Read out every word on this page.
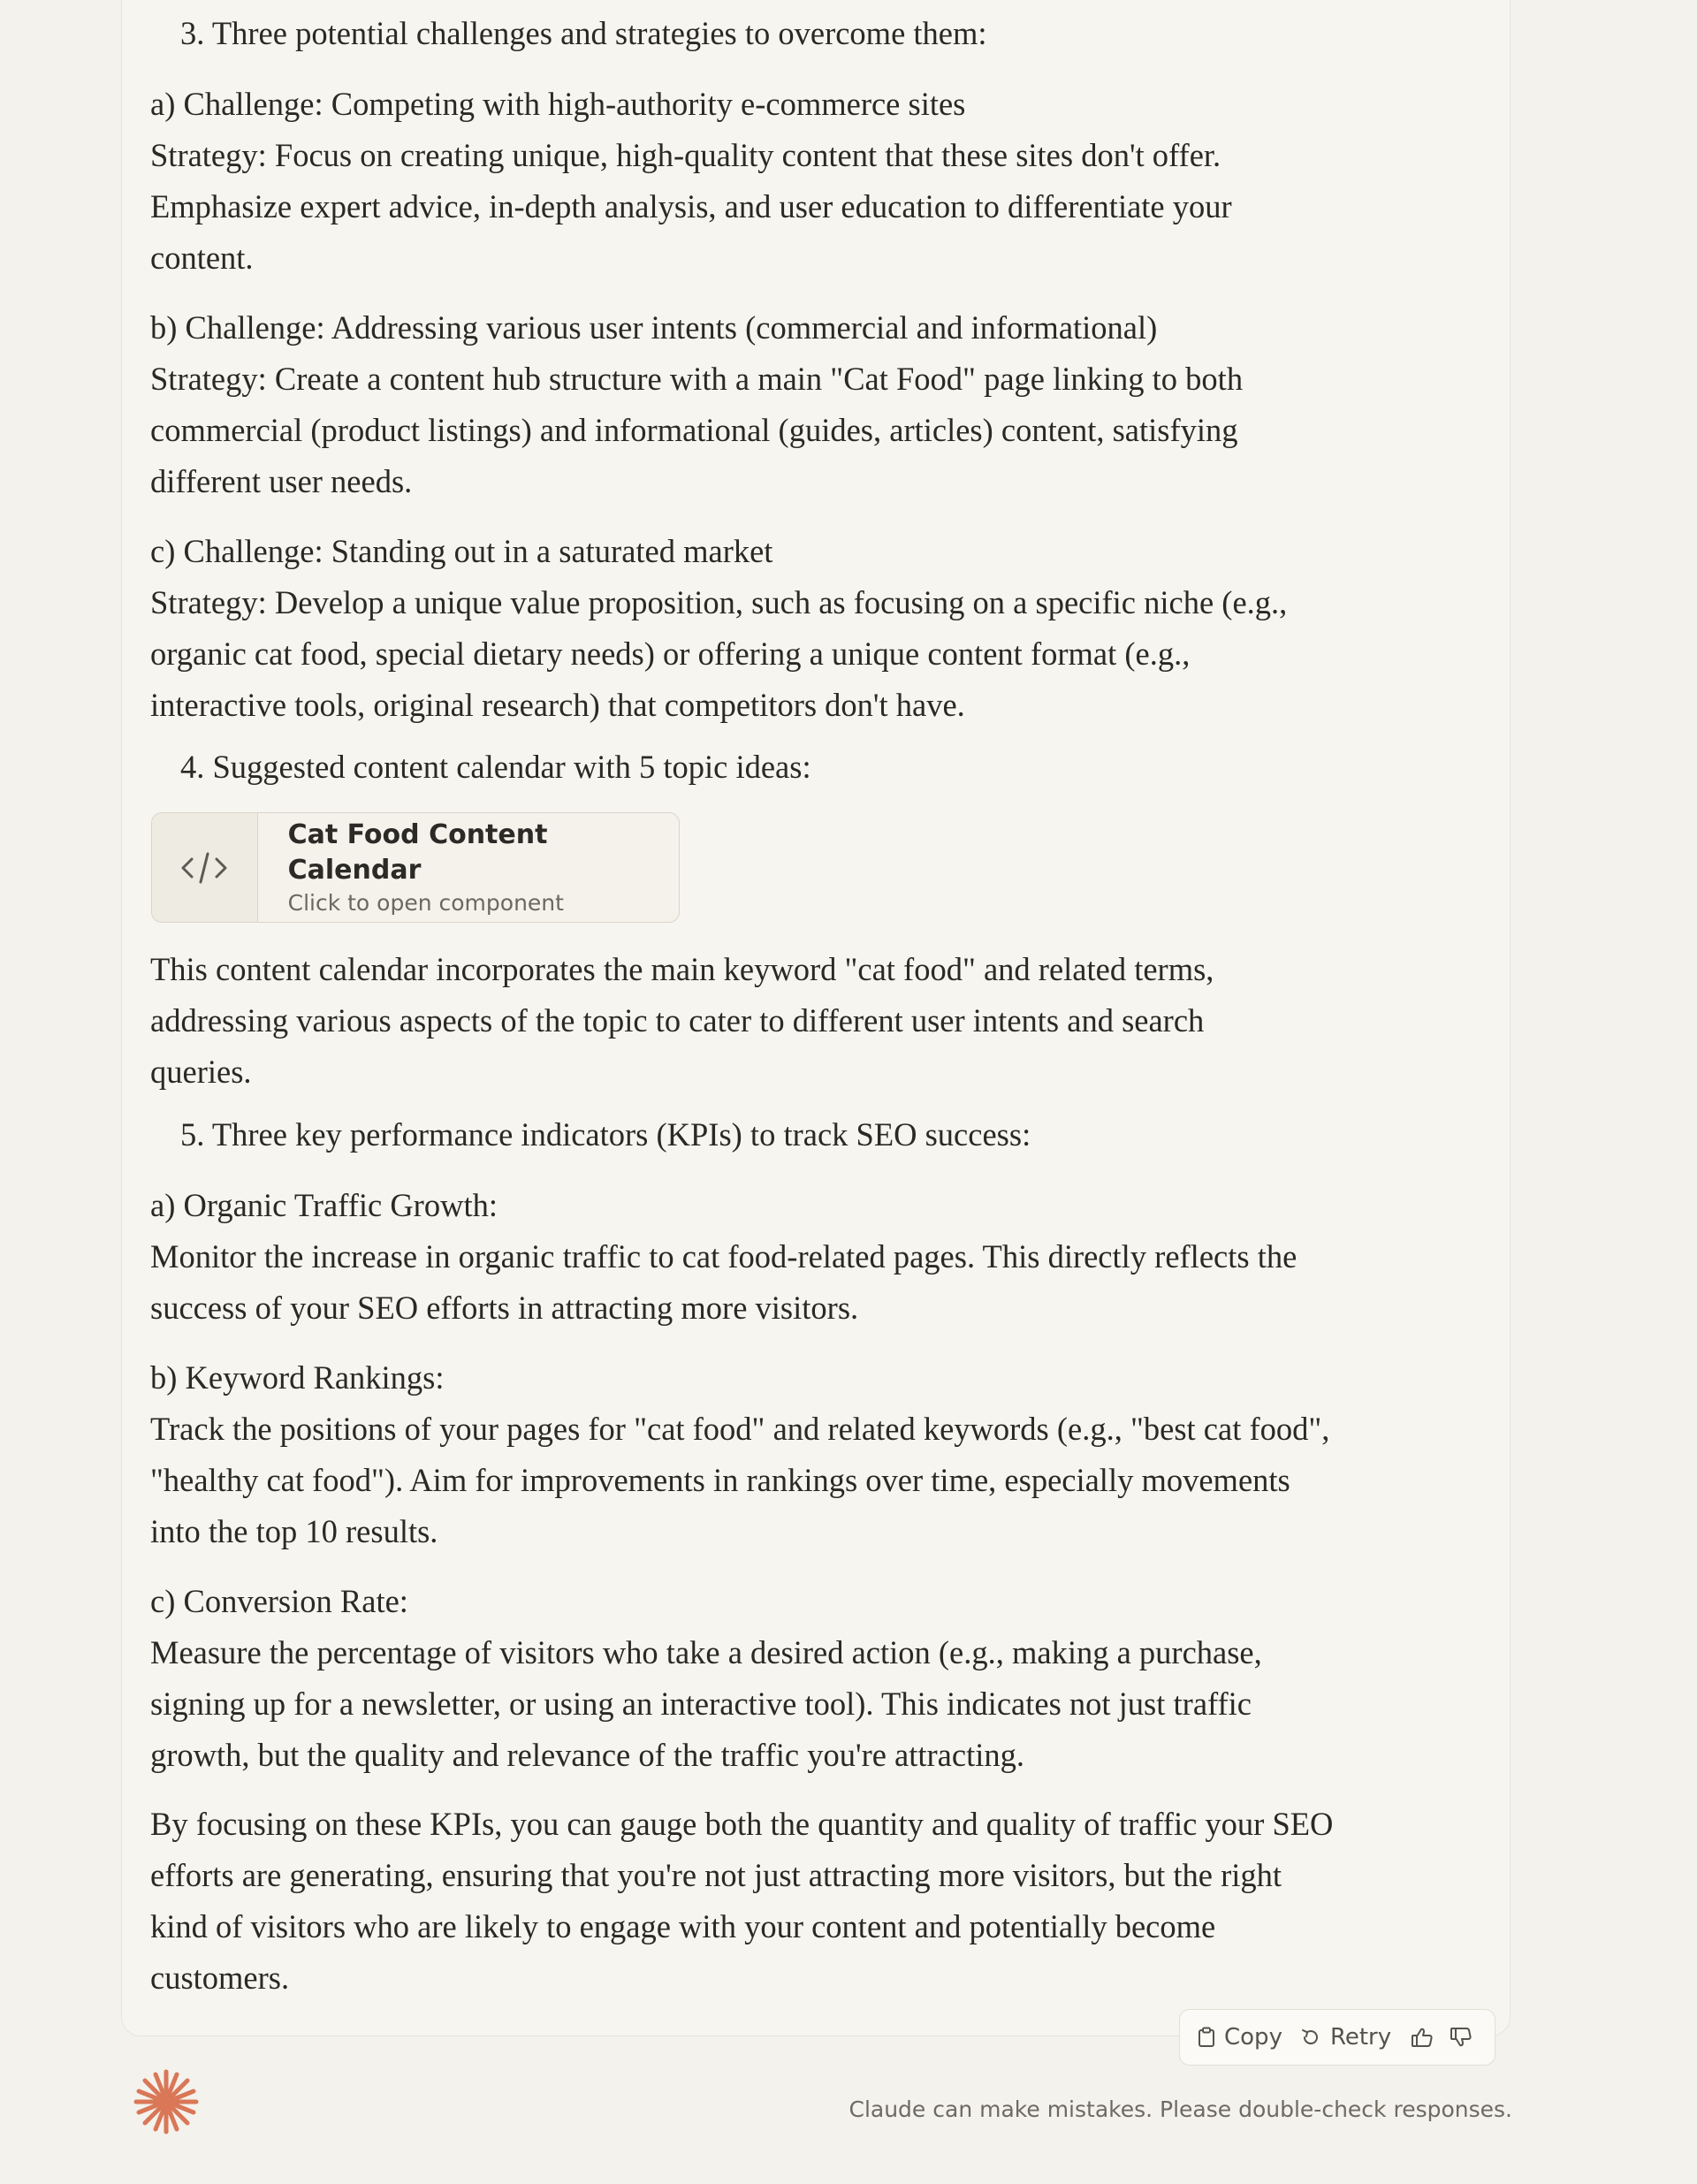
3. Three potential challenges and strategies to overcome them:

a) Challenge: Competing with high-authority e-commerce sites
Strategy: Focus on creating unique, high-quality content that these sites don't offer.
Emphasize expert advice, in-depth analysis, and user education to differentiate your
content.

b) Challenge: Addressing various user intents (commercial and informational)
Strategy: Create a content hub structure with a main "Cat Food" page linking to both
commercial (product listings) and informational (guides, articles) content, satisfying
different user needs.

c) Challenge: Standing out in a saturated market
Strategy: Develop a unique value proposition, such as focusing on a specific niche (e.g.,
organic cat food, special dietary needs) or offering a unique content format (e.g.,
interactive tools, original research) that competitors don't have.

4. Suggested content calendar with 5 topic ideas:

This content calendar incorporates the main keyword "cat food" and related terms,
addressing various aspects of the topic to cater to different user intents and search
queries.

5. Three key performance indicators (KPIs) to track SEO success:

a) Organic Traffic Growth:
Monitor the increase in organic traffic to cat food-related pages. This directly reflects the
success of your SEO efforts in attracting more visitors.

b) Keyword Rankings:
Track the positions of your pages for "cat food" and related keywords (e.g., "best cat food",
"healthy cat food"). Aim for improvements in rankings over time, especially movements
into the top 10 results.

c) Conversion Rate:
Measure the percentage of visitors who take a desired action (e.g., making a purchase,
signing up for a newsletter, or using an interactive tool). This indicates not just traffic
growth, but the quality and relevance of the traffic you're attracting.

By focusing on these KPIs, you can gauge both the quantity and quality of traffic your SEO
efforts are generating, ensuring that you're not just attracting more visitors, but the right
kind of visitors who are likely to engage with your content and potentially become
customers.

Cat Food Content Calendar
Click to open component
Copy Retry
Claude can make mistakes. Please double-check responses.
